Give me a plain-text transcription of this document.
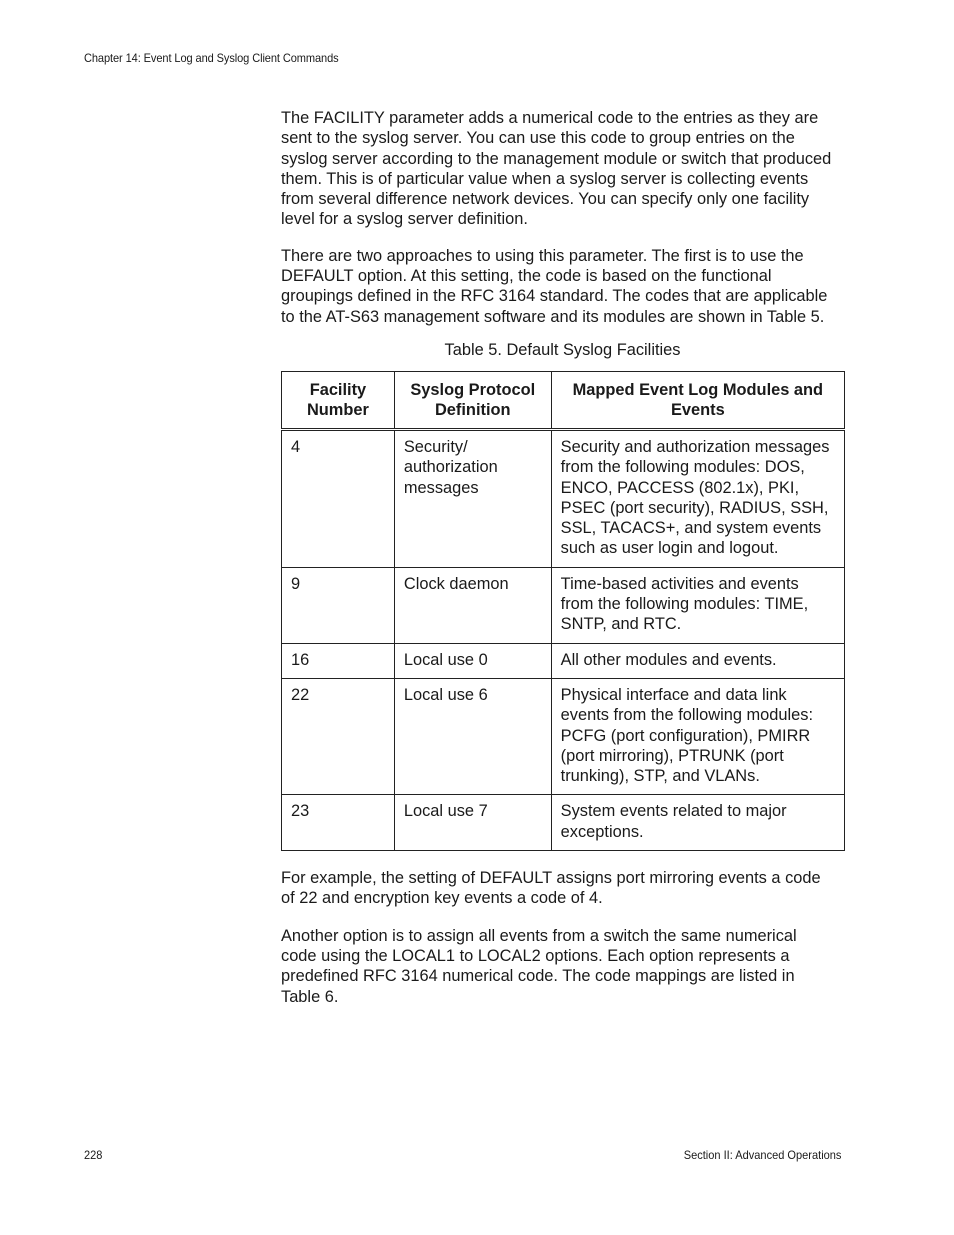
Chapter 14: Event Log and Syslog Client Commands

The FACILITY parameter adds a numerical code to the entries as they are sent to the syslog server. You can use this code to group entries on the syslog server according to the management module or switch that produced them. This is of particular value when a syslog server is collecting events from several difference network devices. You can specify only one facility level for a syslog server definition.

There are two approaches to using this parameter. The first is to use the DEFAULT option. At this setting, the code is based on the functional groupings defined in the RFC 3164 standard. The codes that are applicable to the AT-S63 management software and its modules are shown in Table 5.

Table 5. Default Syslog Facilities

Facility Number	Syslog Protocol Definition	Mapped Event Log Modules and Events
4	Security/ authorization messages	Security and authorization messages from the following modules: DOS, ENCO, PACCESS (802.1x), PKI, PSEC (port security), RADIUS, SSH, SSL, TACACS+, and system events such as user login and logout.
9	Clock daemon	Time-based activities and events from the following modules: TIME, SNTP, and RTC.
16	Local use 0	All other modules and events.
22	Local use 6	Physical interface and data link events from the following modules: PCFG (port configuration), PMIRR (port mirroring), PTRUNK (port trunking), STP, and VLANs.
23	Local use 7	System events related to major exceptions.

For example, the setting of DEFAULT assigns port mirroring events a code of 22 and encryption key events a code of 4.

Another option is to assign all events from a switch the same numerical code using the LOCAL1 to LOCAL2 options. Each option represents a predefined RFC 3164 numerical code. The code mappings are listed in Table 6.

228	Section II: Advanced Operations
